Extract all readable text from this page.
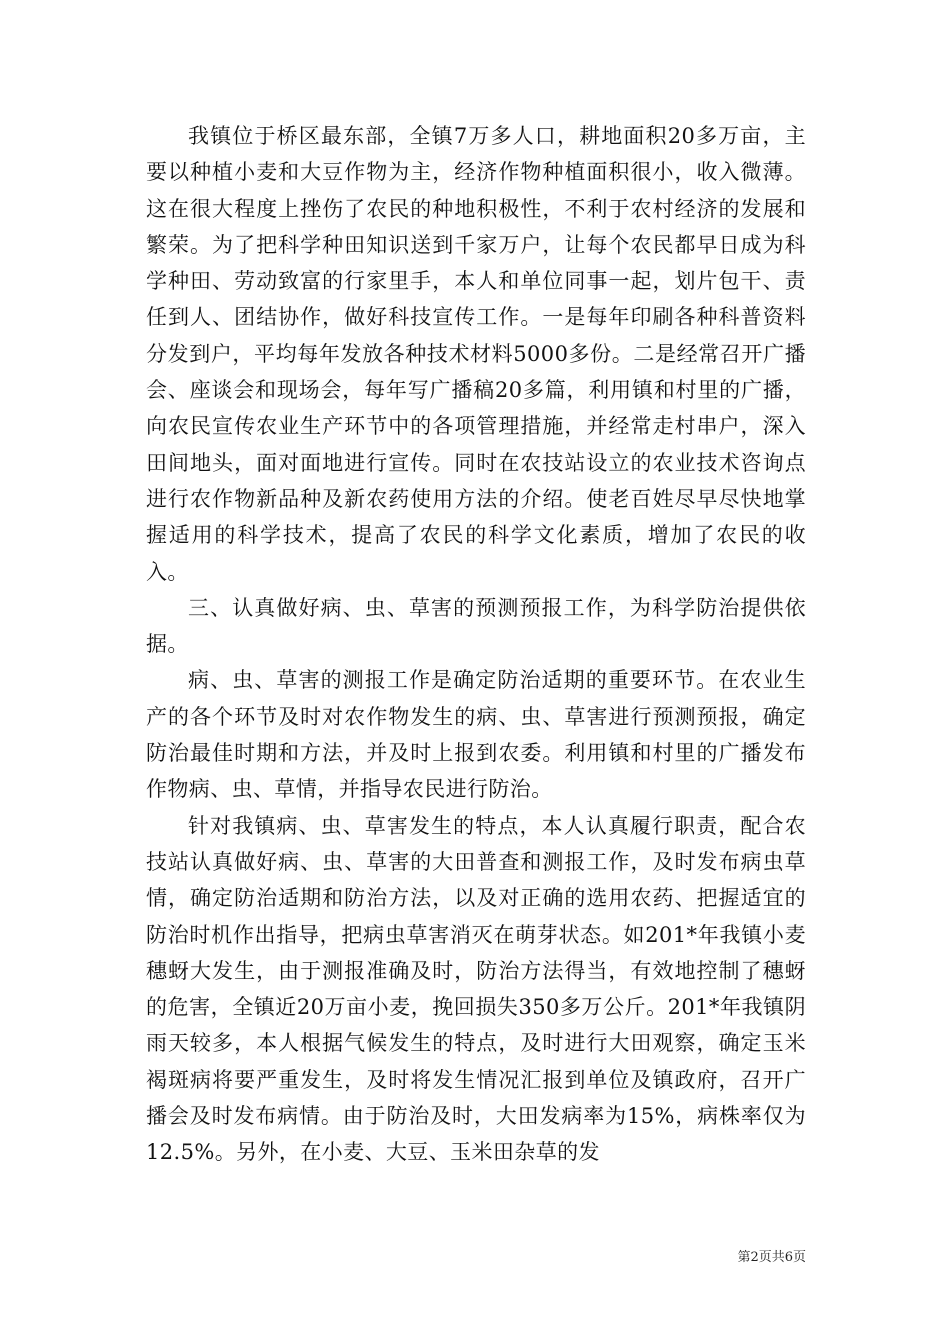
我镇位于桥区最东部，全镇7万多人口，耕地面积20多万亩，主要以种植小麦和大豆作物为主，经济作物种植面积很小，收入微薄。这在很大程度上挫伤了农民的种地积极性，不利于农村经济的发展和繁荣。为了把科学种田知识送到千家万户，让每个农民都早日成为科学种田、劳动致富的行家里手，本人和单位同事一起，划片包干、责任到人、团结协作，做好科技宣传工作。一是每年印刷各种科普资料分发到户，平均每年发放各种技术材料5000多份。二是经常召开广播会、座谈会和现场会，每年写广播稿20多篇，利用镇和村里的广播，向农民宣传农业生产环节中的各项管理措施，并经常走村串户，深入田间地头，面对面地进行宣传。同时在农技站设立的农业技术咨询点进行农作物新品种及新农药使用方法的介绍。使老百姓尽早尽快地掌握适用的科学技术，提高了农民的科学文化素质，增加了农民的收入。

三、认真做好病、虫、草害的预测预报工作，为科学防治提供依据。

病、虫、草害的测报工作是确定防治适期的重要环节。在农业生产的各个环节及时对农作物发生的病、虫、草害进行预测预报，确定防治最佳时期和方法，并及时上报到农委。利用镇和村里的广播发布作物病、虫、草情，并指导农民进行防治。

针对我镇病、虫、草害发生的特点，本人认真履行职责，配合农技站认真做好病、虫、草害的大田普查和测报工作，及时发布病虫草情，确定防治适期和防治方法，以及对正确的选用农药、把握适宜的防治时机作出指导，把病虫草害消灭在萌芽状态。如201*年我镇小麦穗蚜大发生，由于测报准确及时，防治方法得当，有效地控制了穗蚜的危害，全镇近20万亩小麦，挽回损失350多万公斤。201*年我镇阴雨天较多，本人根据气候发生的特点，及时进行大田观察，确定玉米褐斑病将要严重发生，及时将发生情况汇报到单位及镇政府，召开广播会及时发布病情。由于防治及时，大田发病率为15%，病株率仅为12.5%。另外，在小麦、大豆、玉米田杂草的发

第2页共6页
